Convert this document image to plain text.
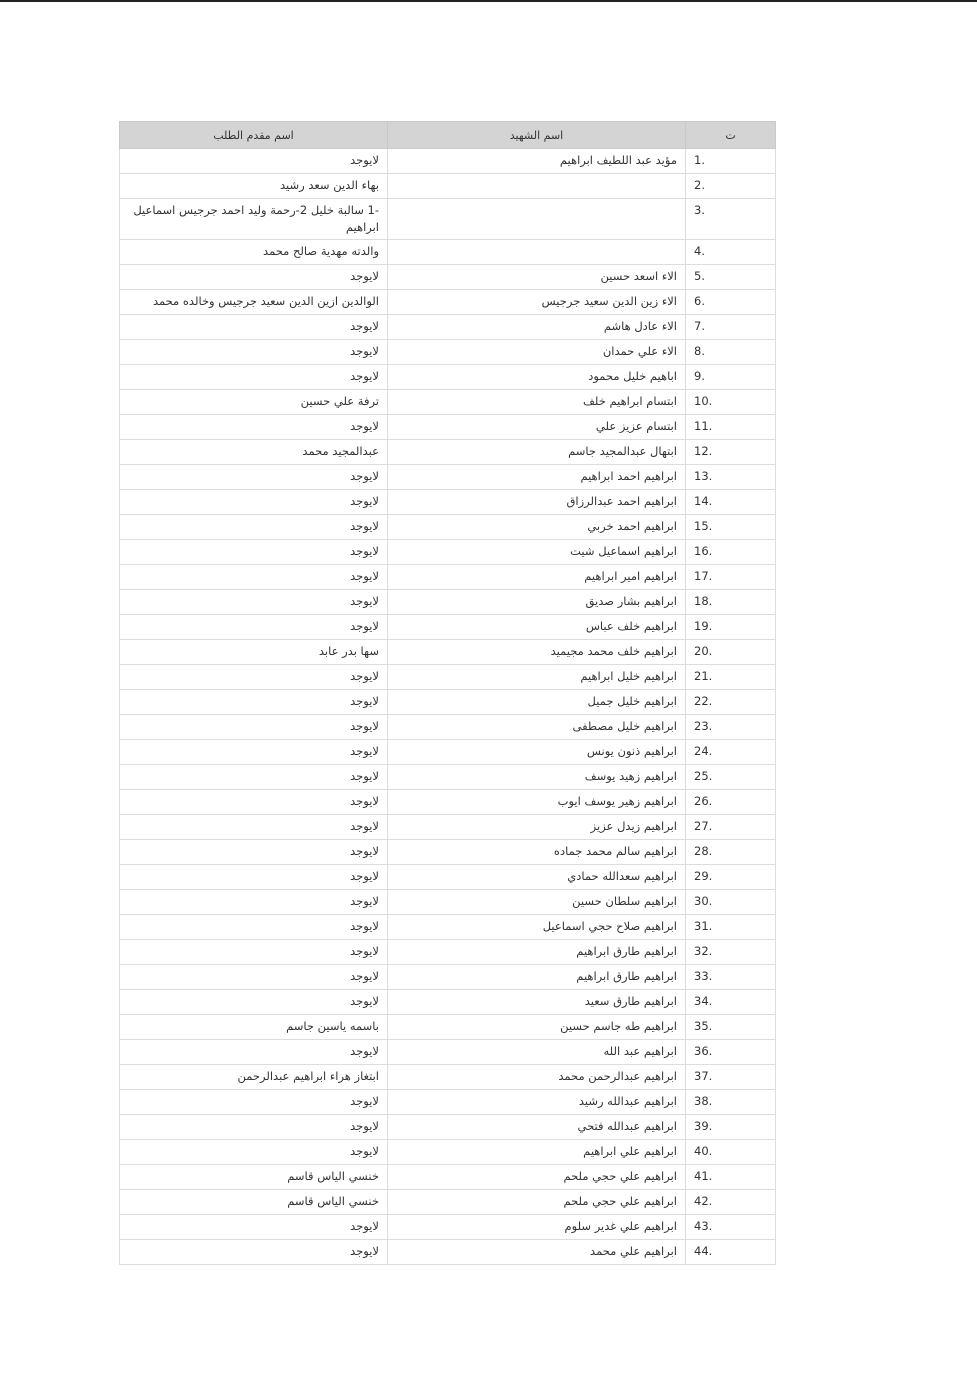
ت	اسم الشهيد	اسم مقدم الطلب
1.	مؤيد عبد اللطيف ابراهيم	لايوجد
2.		بهاء الدين سعد رشيد
3.		-1 سالبة خليل 2-رحمة وليد احمد جرجيس اسماعيل ابراهيم
4.		والدته مهدية صالح محمد
5.	الاء اسعد حسين	لايوجد
6.	الاء زين الدين سعيد جرجيس	الوالدين ازين الدين سعيد جرجيس وخالده محمد
7.	الاء عادل هاشم	لايوجد
8.	الاء علي حمدان	لايوجد
9.	اباهيم خليل محمود	لايوجد
10.	ابتسام ابراهيم خلف	ترفة علي حسين
11.	ابتسام عزيز علي	لايوجد
12.	ابتهال عبدالمجيد جاسم	عبدالمجيد محمد
13.	ابراهيم احمد ابراهيم	لايوجد
14.	ابراهيم احمد عبدالرزاق	لايوجد
15.	ابراهيم احمد خربي	لايوجد
16.	ابراهيم اسماعيل شيت	لايوجد
17.	ابراهيم امير ابراهيم	لايوجد
18.	ابراهيم بشار صديق	لايوجد
19.	ابراهيم خلف عباس	لايوجد
20.	ابراهيم خلف محمد مجيميد	سها بدر عابد
21.	ابراهيم خليل ابراهيم	لايوجد
22.	ابراهيم خليل جميل	لايوجد
23.	ابراهيم خليل مصطفى	لايوجد
24.	ابراهيم ذنون يونس	لايوجد
25.	ابراهيم زهيد يوسف	لايوجد
26.	ابراهيم زهير يوسف ايوب	لايوجد
27.	ابراهيم زيدل عزيز	لايوجد
28.	ابراهيم سالم محمد جماده	لايوجد
29.	ابراهيم سعدالله حمادي	لايوجد
30.	ابراهيم سلطان حسين	لايوجد
31.	ابراهيم صلاح حجي اسماعيل	لايوجد
32.	ابراهيم طارق ابراهيم	لايوجد
33.	ابراهيم طارق ابراهيم	لايوجد
34.	ابراهيم طارق سعيد	لايوجد
35.	ابراهيم طه جاسم حسين	باسمه ياسين جاسم
36.	ابراهيم عبد الله	لايوجد
37.	ابراهيم عبدالرحمن محمد	ابتغاز هراء ابراهيم عبدالرحمن
38.	ابراهيم عبدالله رشيد	لايوجد
39.	ابراهيم عبدالله فتحي	لايوجد
40.	ابراهيم علي ابراهيم	لايوجد
41.	ابراهيم علي حجي ملحم	خنسي الياس قاسم
42.	ابراهيم علي حجي ملحم	خنسي الياس قاسم
43.	ابراهيم علي غدير سلوم	لايوجد
44.	ابراهيم علي محمد	لايوجد
